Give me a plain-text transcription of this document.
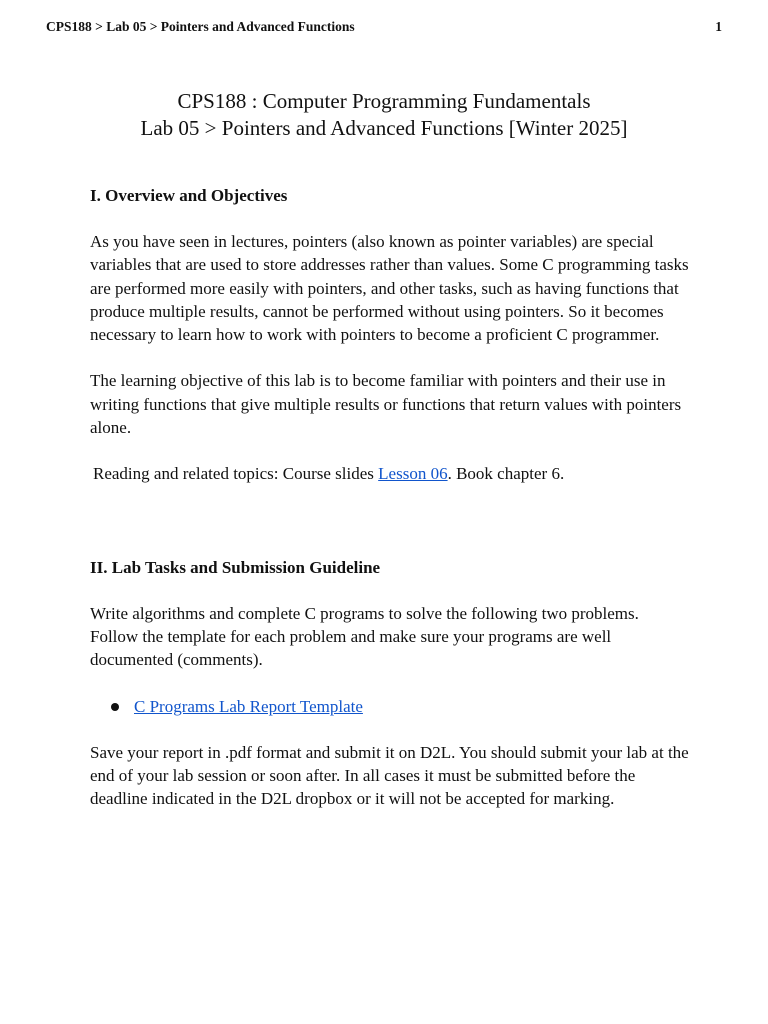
CPS188 > Lab 05 > Pointers and Advanced Functions	1
CPS188 : Computer Programming Fundamentals
Lab 05 > Pointers and Advanced Functions [Winter 2025]
I. Overview and Objectives

As you have seen in lectures, pointers (also known as pointer variables) are special variables that are used to store addresses rather than values. Some C programming tasks are performed more easily with pointers, and other tasks, such as having functions that produce multiple results, cannot be performed without using pointers. So it becomes necessary to learn how to work with pointers to become a proficient C programmer.

The learning objective of this lab is to become familiar with pointers and their use in writing functions that give multiple results or functions that return values with pointers alone.

Reading and related topics: Course slides Lesson 06. Book chapter 6.

II. Lab Tasks and Submission Guideline

Write algorithms and complete C programs to solve the following two problems. Follow the template for each problem and make sure your programs are well documented (comments).

C Programs Lab Report Template

Save your report in .pdf format and submit it on D2L. You should submit your lab at the end of your lab session or soon after. In all cases it must be submitted before the deadline indicated in the D2L dropbox or it will not be accepted for marking.
